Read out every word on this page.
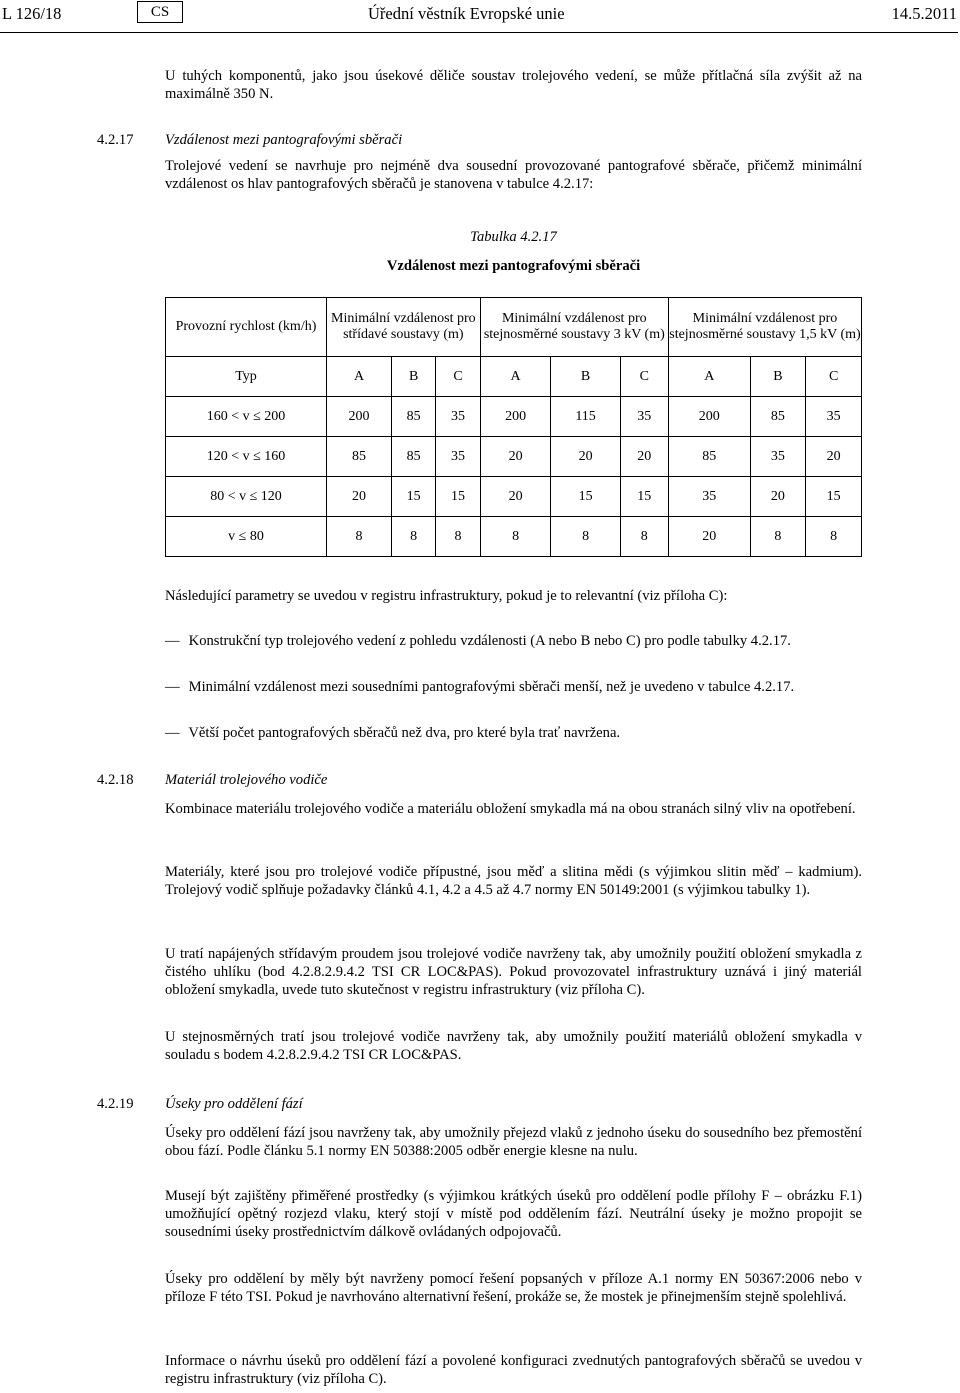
L 126/18	CS	Úřední věstník Evropské unie	14.5.2011

U tuhých komponentů, jako jsou úsekové děliče soustav trolejového vedení, se může přítlačná síla zvýšit až na maximálně 350 N.

4.2.17 Vzdálenost mezi pantografovými sběrači

Trolejové vedení se navrhuje pro nejméně dva sousední provozované pantografové sběrače, přičemž minimální vzdálenost os hlav pantografových sběračů je stanovena v tabulce 4.2.17:

Tabulka 4.2.17
Vzdálenost mezi pantografovými sběrači
Provozní rychlost (km/h)	Minimální vzdálenost pro střídavé soustavy (m)			Minimální vzdálenost pro stejnosměrné soustavy 3 kV (m)			Minimální vzdálenost pro stejnosměrné soustavy 1,5 kV (m)		
Typ	A	B	C	A	B	C	A	B	C
160 < v ≤ 200	200	85	35	200	115	35	200	85	35
120 < v ≤ 160	85	85	35	20	20	20	85	35	20
80 < v ≤ 120	20	15	15	20	15	15	35	20	15
v ≤ 80	8	8	8	8	8	8	20	8	8

Následující parametry se uvedou v registru infrastruktury, pokud je to relevantní (viz příloha C):

— Konstrukční typ trolejového vedení z pohledu vzdálenosti (A nebo B nebo C) pro podle tabulky 4.2.17.
— Minimální vzdálenost mezi sousedními pantografovými sběrači menší, než je uvedeno v tabulce 4.2.17.
— Větší počet pantografových sběračů než dva, pro které byla trať navržena.
4.2.18 Materiál trolejového vodiče

Kombinace materiálu trolejového vodiče a materiálu obložení smykadla má na obou stranách silný vliv na opotřebení.

Materiály, které jsou pro trolejové vodiče přípustné, jsou měď a slitina mědi (s výjimkou slitin měď – kadmium). Trolejový vodič splňuje požadavky článků 4.1, 4.2 a 4.5 až 4.7 normy EN 50149:2001 (s výjimkou tabulky 1).

U tratí napájených střídavým proudem jsou trolejové vodiče navrženy tak, aby umožnily použití obložení smykadla z čistého uhlíku (bod 4.2.8.2.9.4.2 TSI CR LOC&PAS). Pokud provozovatel infrastruktury uznává i jiný materiál obložení smykadla, uvede tuto skutečnost v registru infrastruktury (viz příloha C).

U stejnosměrných tratí jsou trolejové vodiče navrženy tak, aby umožnily použití materiálů obložení smykadla v souladu s bodem 4.2.8.2.9.4.2 TSI CR LOC&PAS.

4.2.19 Úseky pro oddělení fází

Úseky pro oddělení fází jsou navrženy tak, aby umožnily přejezd vlaků z jednoho úseku do sousedního bez přemostění obou fází. Podle článku 5.1 normy EN 50388:2005 odběr energie klesne na nulu.

Musejí být zajištěny přiměřené prostředky (s výjimkou krátkých úseků pro oddělení podle přílohy F – obrázku F.1) umožňující opětný rozjezd vlaku, který stojí v místě pod oddělením fází. Neutrální úseky je možno propojit se sousedními úseky prostřednictvím dálkově ovládaných odpojovačů.

Úseky pro oddělení by měly být navrženy pomocí řešení popsaných v příloze A.1 normy EN 50367:2006 nebo v příloze F této TSI. Pokud je navrhováno alternativní řešení, prokáže se, že mostek je přinejmenším stejně spolehlivá.

Informace o návrhu úseků pro oddělení fází a povolené konfiguraci zvednutých pantografových sběračů se uvedou v registru infrastruktury (viz příloha C).
